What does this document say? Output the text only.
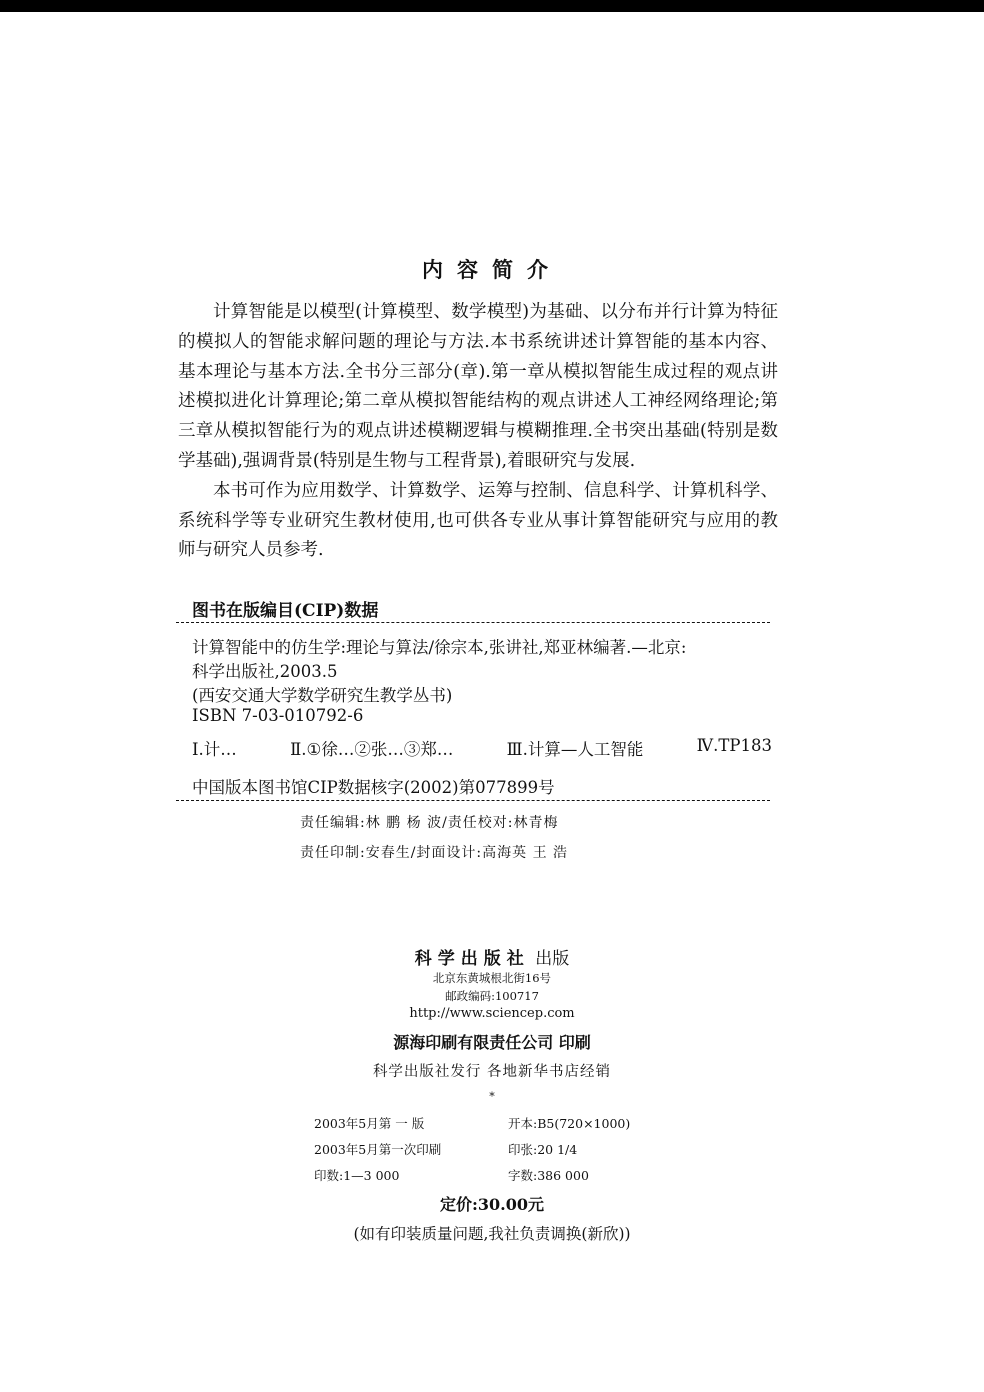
内容简介

计算智能是以模型(计算模型、数学模型)为基础、以分布并行计算为特征的模拟人的智能求解问题的理论与方法.本书系统讲述计算智能的基本内容、基本理论与基本方法.全书分三部分(章).第一章从模拟智能生成过程的观点讲述模拟进化计算理论;第二章从模拟智能结构的观点讲述人工神经网络理论;第三章从模拟智能行为的观点讲述模糊逻辑与模糊推理.全书突出基础(特别是数学基础),强调背景(特别是生物与工程背景),着眼研究与发展.

本书可作为应用数学、计算数学、运筹与控制、信息科学、计算机科学、系统科学等专业研究生教材使用,也可供各专业从事计算智能研究与应用的教师与研究人员参考.

图书在版编目(CIP)数据
计算智能中的仿生学:理论与算法/徐宗本,张讲社,郑亚林编著.—北京:
科学出版社,2003.5
(西安交通大学数学研究生教学丛书)
ISBN 7-03-010792-6
Ⅰ.计…	Ⅱ.①徐…②张…③郑…	Ⅲ.计算—人工智能	Ⅳ.TP183
中国版本图书馆CIP数据核字(2002)第077899号
责任编辑:林 鹏 杨 波/责任校对:林青梅
责任印制:安春生/封面设计:高海英 王 浩
科学出版社 出版
北京东黄城根北街16号
邮政编码:100717
http://www.sciencep.com
源海印刷有限责任公司 印刷
科学出版社发行 各地新华书店经销
*
2003年5月第 一 版	开本:B5(720×1000)
2003年5月第一次印刷	印张:20 1/4
印数:1—3 000	字数:386 000
定价:30.00元
(如有印装质量问题,我社负责调换(新欣))
